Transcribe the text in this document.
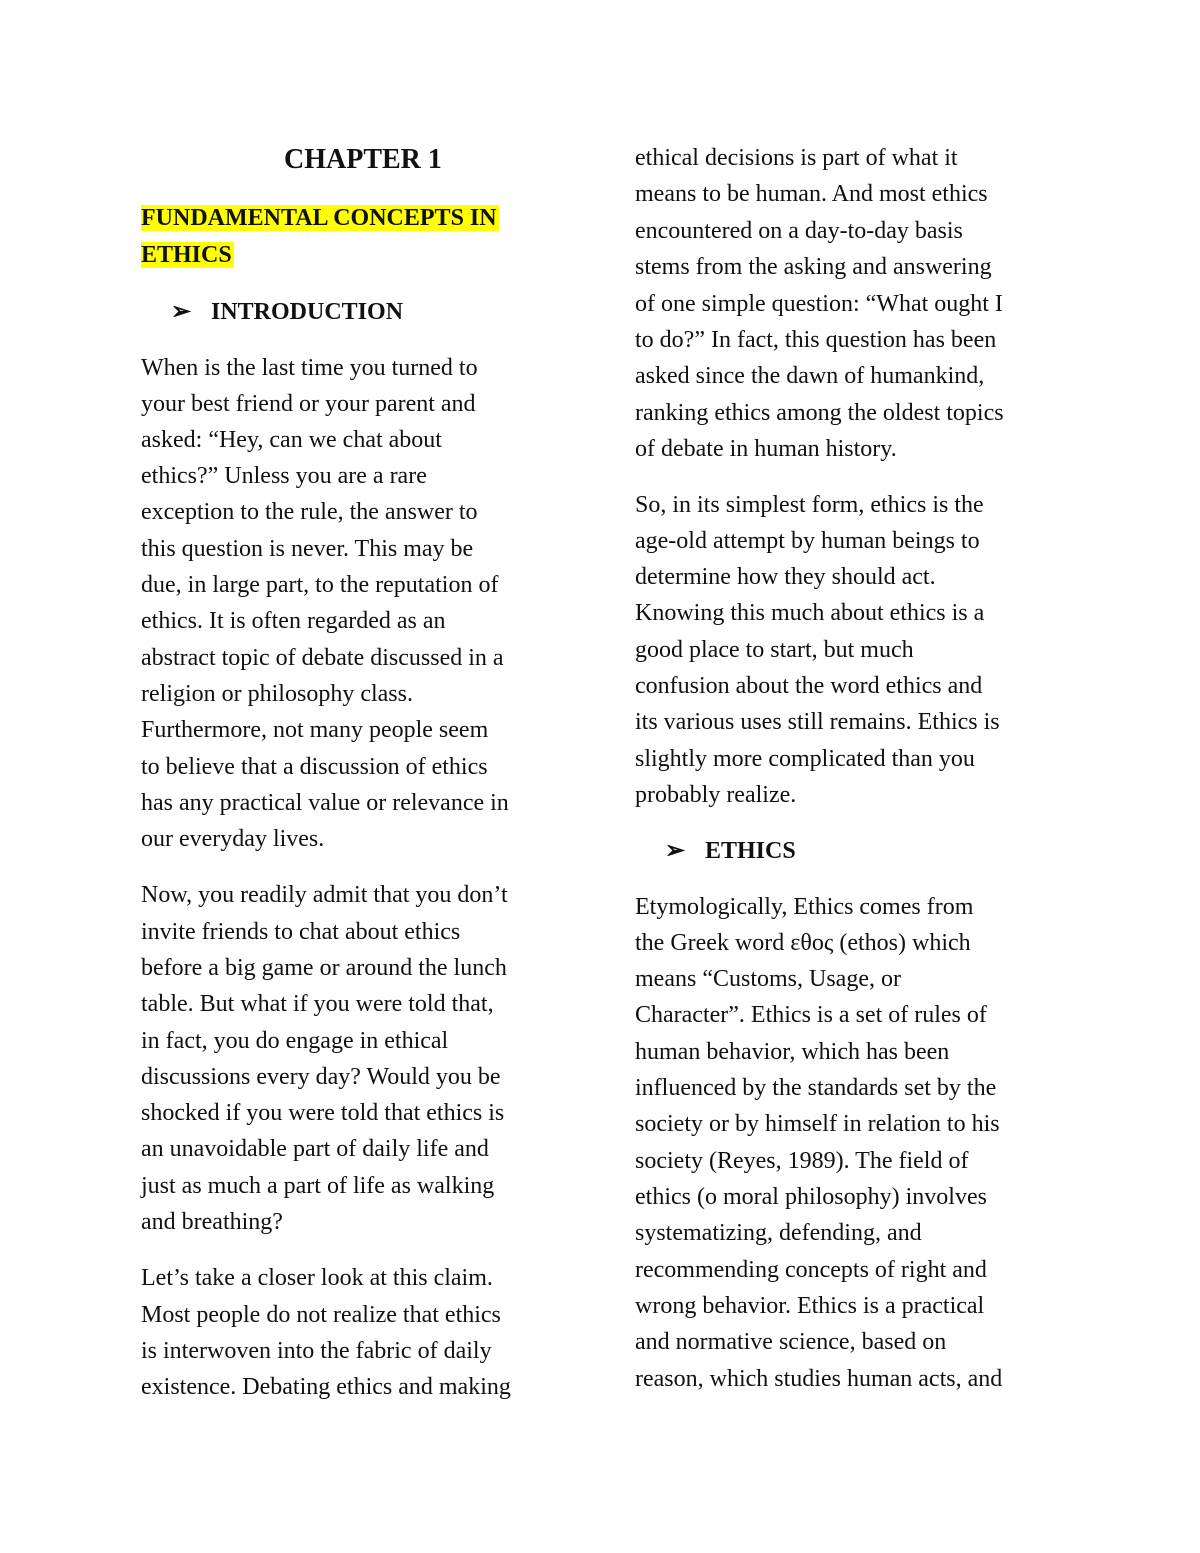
CHAPTER 1
FUNDAMENTAL CONCEPTS IN
ETHICS
➢ INTRODUCTION
When is the last time you turned to
your best friend or your parent and
asked: “Hey, can we chat about
ethics?” Unless you are a rare
exception to the rule, the answer to
this question is never. This may be
due, in large part, to the reputation of
ethics. It is often regarded as an
abstract topic of debate discussed in a
religion or philosophy class.
Furthermore, not many people seem
to believe that a discussion of ethics
has any practical value or relevance in
our everyday lives.
Now, you readily admit that you don’t
invite friends to chat about ethics
before a big game or around the lunch
table. But what if you were told that,
in fact, you do engage in ethical
discussions every day? Would you be
shocked if you were told that ethics is
an unavoidable part of daily life and
just as much a part of life as walking
and breathing?
Let’s take a closer look at this claim.
Most people do not realize that ethics
is interwoven into the fabric of daily
existence. Debating ethics and making
ethical decisions is part of what it
means to be human. And most ethics
encountered on a day-to-day basis
stems from the asking and answering
of one simple question: “What ought I
to do?” In fact, this question has been
asked since the dawn of humankind,
ranking ethics among the oldest topics
of debate in human history.
So, in its simplest form, ethics is the
age-old attempt by human beings to
determine how they should act.
Knowing this much about ethics is a
good place to start, but much
confusion about the word ethics and
its various uses still remains. Ethics is
slightly more complicated than you
probably realize.
➢ ETHICS
Etymologically, Ethics comes from
the Greek word εθος (ethos) which
means “Customs, Usage, or
Character”. Ethics is a set of rules of
human behavior, which has been
influenced by the standards set by the
society or by himself in relation to his
society (Reyes, 1989). The field of
ethics (o moral philosophy) involves
systematizing, defending, and
recommending concepts of right and
wrong behavior. Ethics is a practical
and normative science, based on
reason, which studies human acts, and
